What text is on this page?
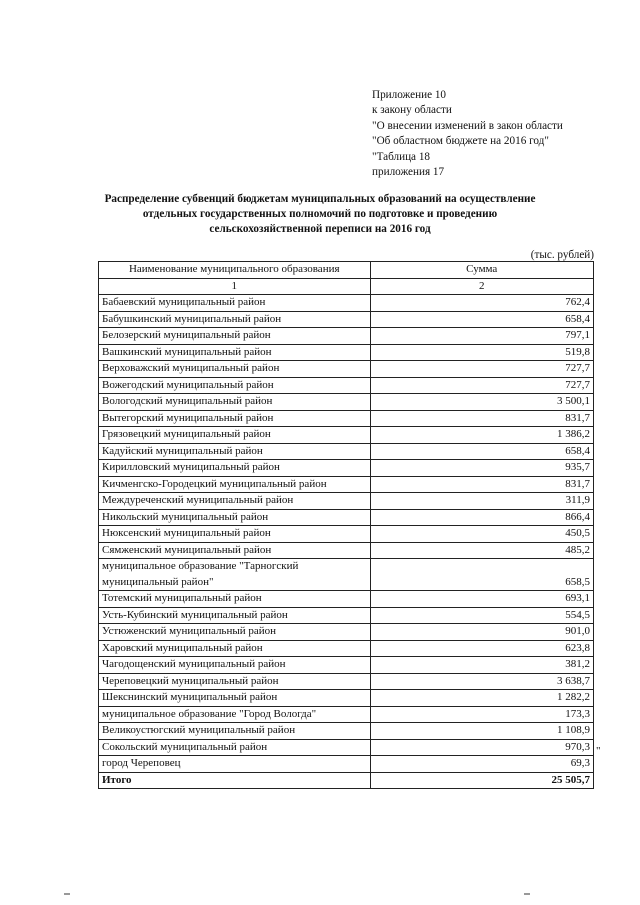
Приложение 10
к закону области
"О внесении изменений в закон области
"Об областном бюджете на 2016 год"
"Таблица 18
приложения 17
Распределение субвенций бюджетам муниципальных образований на осуществление отдельных государственных полномочий по подготовке и проведению сельскохозяйственной переписи на 2016 год
(тыс. рублей)
Наименование муниципального образования	Сумма
1	2
Бабаевский муниципальный район	762,4
Бабушкинский муниципальный район	658,4
Белозерский муниципальный район	797,1
Вашкинский муниципальный район	519,8
Верховажский муниципальный район	727,7
Вожегодский муниципальный район	727,7
Вологодский муниципальный район	3 500,1
Вытегорский муниципальный район	831,7
Грязовецкий муниципальный район	1 386,2
Кадуйский муниципальный район	658,4
Кирилловский муниципальный район	935,7
Кичменгско-Городецкий муниципальный район	831,7
Междуреченский муниципальный район	311,9
Никольский муниципальный район	866,4
Нюксенский муниципальный район	450,5
Сямженский муниципальный район	485,2
муниципальное образование "Тарногский муниципальный район"	658,5
Тотемский муниципальный район	693,1
Усть-Кубинский муниципальный район	554,5
Устюженский муниципальный район	901,0
Харовский муниципальный район	623,8
Чагодощенский муниципальный район	381,2
Череповецкий муниципальный район	3 638,7
Шекснинский муниципальный район	1 282,2
муниципальное образование "Город Вологда"	173,3
Великоустюгский муниципальный район	1 108,9
Сокольский муниципальный район	970,3
город Череповец	69,3
Итого	25 505,7
"
